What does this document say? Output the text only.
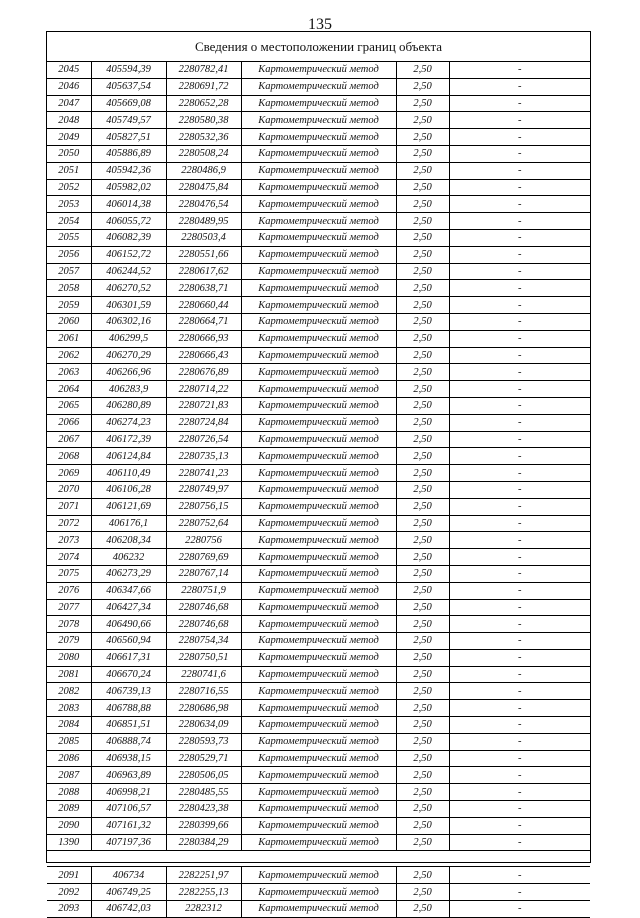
135
Сведения о местоположении границ объекта
2045	405594,39	2280782,41	Картометрический метод	2,50	-
2046	405637,54	2280691,72	Картометрический метод	2,50	-
2047	405669,08	2280652,28	Картометрический метод	2,50	-
2048	405749,57	2280580,38	Картометрический метод	2,50	-
2049	405827,51	2280532,36	Картометрический метод	2,50	-
2050	405886,89	2280508,24	Картометрический метод	2,50	-
2051	405942,36	2280486,9	Картометрический метод	2,50	-
2052	405982,02	2280475,84	Картометрический метод	2,50	-
2053	406014,38	2280476,54	Картометрический метод	2,50	-
2054	406055,72	2280489,95	Картометрический метод	2,50	-
2055	406082,39	2280503,4	Картометрический метод	2,50	-
2056	406152,72	2280551,66	Картометрический метод	2,50	-
2057	406244,52	2280617,62	Картометрический метод	2,50	-
2058	406270,52	2280638,71	Картометрический метод	2,50	-
2059	406301,59	2280660,44	Картометрический метод	2,50	-
2060	406302,16	2280664,71	Картометрический метод	2,50	-
2061	406299,5	2280666,93	Картометрический метод	2,50	-
2062	406270,29	2280666,43	Картометрический метод	2,50	-
2063	406266,96	2280676,89	Картометрический метод	2,50	-
2064	406283,9	2280714,22	Картометрический метод	2,50	-
2065	406280,89	2280721,83	Картометрический метод	2,50	-
2066	406274,23	2280724,84	Картометрический метод	2,50	-
2067	406172,39	2280726,54	Картометрический метод	2,50	-
2068	406124,84	2280735,13	Картометрический метод	2,50	-
2069	406110,49	2280741,23	Картометрический метод	2,50	-
2070	406106,28	2280749,97	Картометрический метод	2,50	-
2071	406121,69	2280756,15	Картометрический метод	2,50	-
2072	406176,1	2280752,64	Картометрический метод	2,50	-
2073	406208,34	2280756	Картометрический метод	2,50	-
2074	406232	2280769,69	Картометрический метод	2,50	-
2075	406273,29	2280767,14	Картометрический метод	2,50	-
2076	406347,66	2280751,9	Картометрический метод	2,50	-
2077	406427,34	2280746,68	Картометрический метод	2,50	-
2078	406490,66	2280746,68	Картометрический метод	2,50	-
2079	406560,94	2280754,34	Картометрический метод	2,50	-
2080	406617,31	2280750,51	Картометрический метод	2,50	-
2081	406670,24	2280741,6	Картометрический метод	2,50	-
2082	406739,13	2280716,55	Картометрический метод	2,50	-
2083	406788,88	2280686,98	Картометрический метод	2,50	-
2084	406851,51	2280634,09	Картометрический метод	2,50	-
2085	406888,74	2280593,73	Картометрический метод	2,50	-
2086	406938,15	2280529,71	Картометрический метод	2,50	-
2087	406963,89	2280506,05	Картометрический метод	2,50	-
2088	406998,21	2280485,55	Картометрический метод	2,50	-
2089	407106,57	2280423,38	Картометрический метод	2,50	-
2090	407161,32	2280399,66	Картометрический метод	2,50	-
1390	407197,36	2280384,29	Картометрический метод	2,50	-

2091	406734	2282251,97	Картометрический метод	2,50	-
2092	406749,25	2282255,13	Картометрический метод	2,50	-
2093	406742,03	2282312	Картометрический метод	2,50	-
